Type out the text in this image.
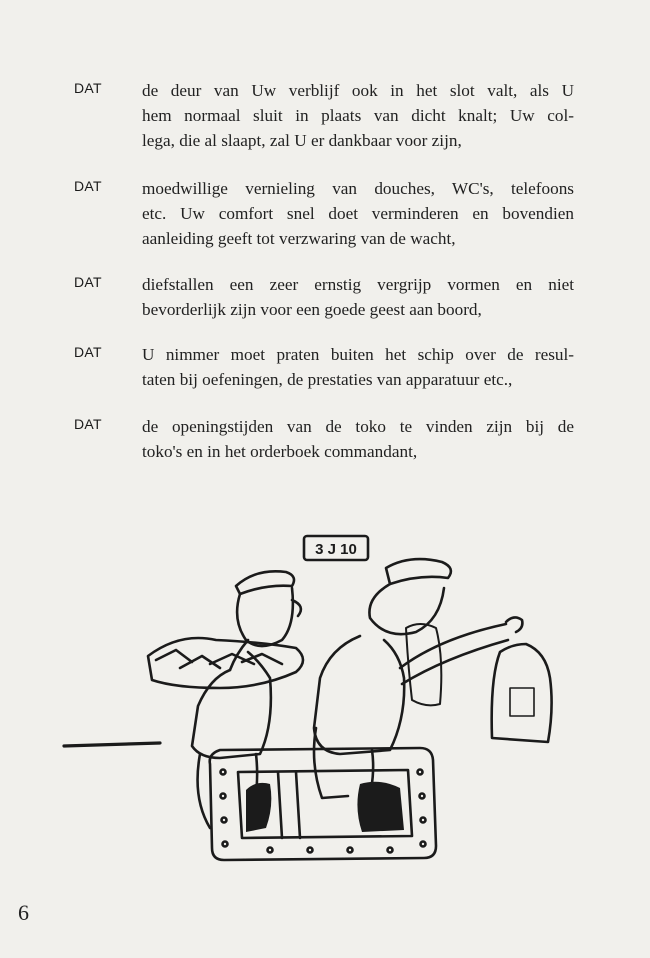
DAT de deur van Uw verblijf ook in het slot valt, als U
hem normaal sluit in plaats van dicht knalt; Uw col-
lega, die al slaapt, zal U er dankbaar voor zijn,
DAT moedwillige vernieling van douches, WC's, telefoons
etc. Uw comfort snel doet verminderen en bovendien
aanleiding geeft tot verzwaring van de wacht,
DAT diefstallen een zeer ernstig vergrijp vormen en niet
bevorderlijk zijn voor een goede geest aan boord,
DAT U nimmer moet praten buiten het schip over de resul-
taten bij oefeningen, de prestaties van apparatuur etc.,
DAT de openingstijden van de toko te vinden zijn bij de
toko's en in het orderboek commandant,
3 J 10
6
